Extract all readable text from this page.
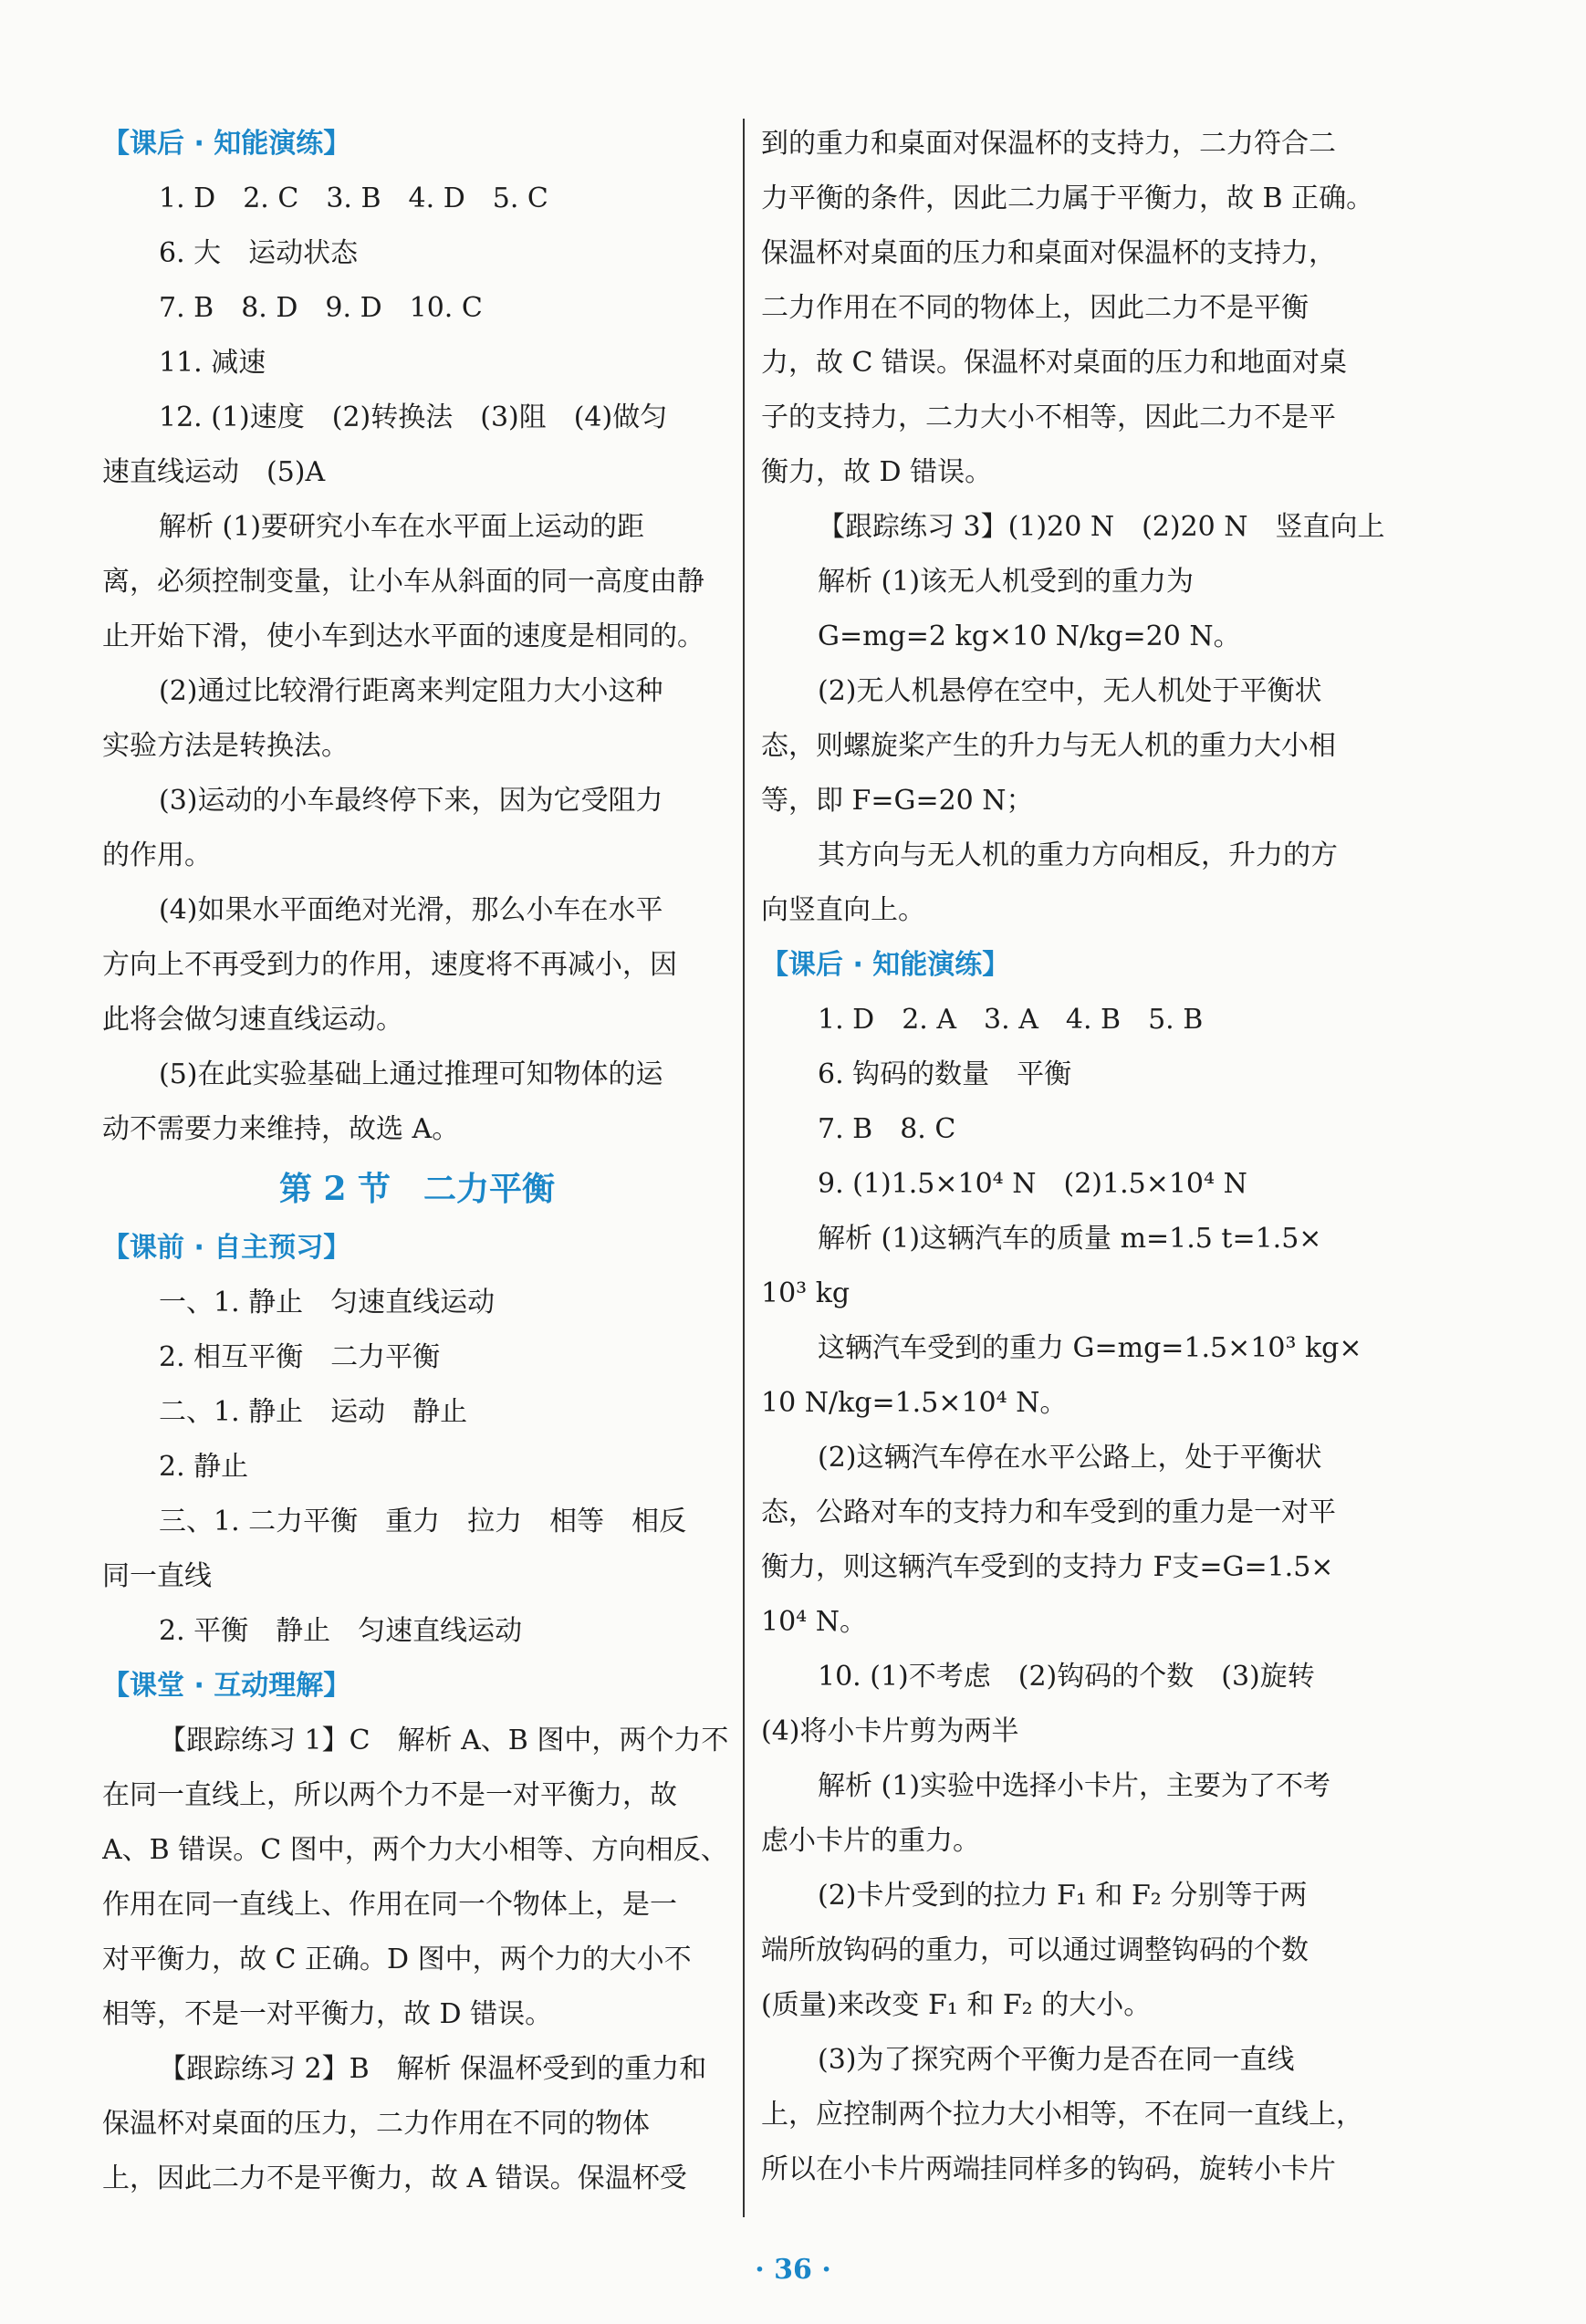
【课后 · 知能演练】
1. D　2. C　3. B　4. D　5. C
6. 大　运动状态
7. B　8. D　9. D　10. C
11. 减速
12. (1)速度　(2)转换法　(3)阻　(4)做匀
速直线运动　(5)A
解析 (1)要研究小车在水平面上运动的距
离，必须控制变量，让小车从斜面的同一高度由静
止开始下滑，使小车到达水平面的速度是相同的。
(2)通过比较滑行距离来判定阻力大小这种
实验方法是转换法。
(3)运动的小车最终停下来，因为它受阻力
的作用。
(4)如果水平面绝对光滑，那么小车在水平
方向上不再受到力的作用，速度将不再减小，因
此将会做匀速直线运动。
(5)在此实验基础上通过推理可知物体的运
动不需要力来维持，故选 A。
第 2 节　二力平衡
【课前 · 自主预习】
一、1. 静止　匀速直线运动
2. 相互平衡　二力平衡
二、1. 静止　运动　静止
2. 静止
三、1. 二力平衡　重力　拉力　相等　相反
同一直线
2. 平衡　静止　匀速直线运动
【课堂 · 互动理解】
【跟踪练习 1】C　解析 A、B 图中，两个力不
在同一直线上，所以两个力不是一对平衡力，故
A、B 错误。C 图中，两个力大小相等、方向相反、
作用在同一直线上、作用在同一个物体上，是一
对平衡力，故 C 正确。D 图中，两个力的大小不
相等，不是一对平衡力，故 D 错误。
【跟踪练习 2】B　解析 保温杯受到的重力和
保温杯对桌面的压力，二力作用在不同的物体
上，因此二力不是平衡力，故 A 错误。保温杯受
到的重力和桌面对保温杯的支持力，二力符合二
力平衡的条件，因此二力属于平衡力，故 B 正确。
保温杯对桌面的压力和桌面对保温杯的支持力，
二力作用在不同的物体上，因此二力不是平衡
力，故 C 错误。保温杯对桌面的压力和地面对桌
子的支持力，二力大小不相等，因此二力不是平
衡力，故 D 错误。
【跟踪练习 3】(1)20 N　(2)20 N　竖直向上
解析 (1)该无人机受到的重力为
G=mg=2 kg×10 N/kg=20 N。
(2)无人机悬停在空中，无人机处于平衡状
态，则螺旋桨产生的升力与无人机的重力大小相
等，即 F=G=20 N；
其方向与无人机的重力方向相反，升力的方
向竖直向上。
【课后 · 知能演练】
1. D　2. A　3. A　4. B　5. B
6. 钩码的数量　平衡
7. B　8. C
9. (1)1.5×10⁴ N　(2)1.5×10⁴ N
解析 (1)这辆汽车的质量 m=1.5 t=1.5×
10³ kg
这辆汽车受到的重力 G=mg=1.5×10³ kg×
10 N/kg=1.5×10⁴ N。
(2)这辆汽车停在水平公路上，处于平衡状
态，公路对车的支持力和车受到的重力是一对平
衡力，则这辆汽车受到的支持力 F支=G=1.5×
10⁴ N。
10. (1)不考虑　(2)钩码的个数　(3)旋转
(4)将小卡片剪为两半
解析 (1)实验中选择小卡片，主要为了不考
虑小卡片的重力。
(2)卡片受到的拉力 F₁ 和 F₂ 分别等于两
端所放钩码的重力，可以通过调整钩码的个数
(质量)来改变 F₁ 和 F₂ 的大小。
(3)为了探究两个平衡力是否在同一直线
上，应控制两个拉力大小相等，不在同一直线上，
所以在小卡片两端挂同样多的钩码，旋转小卡片
· 36 ·
